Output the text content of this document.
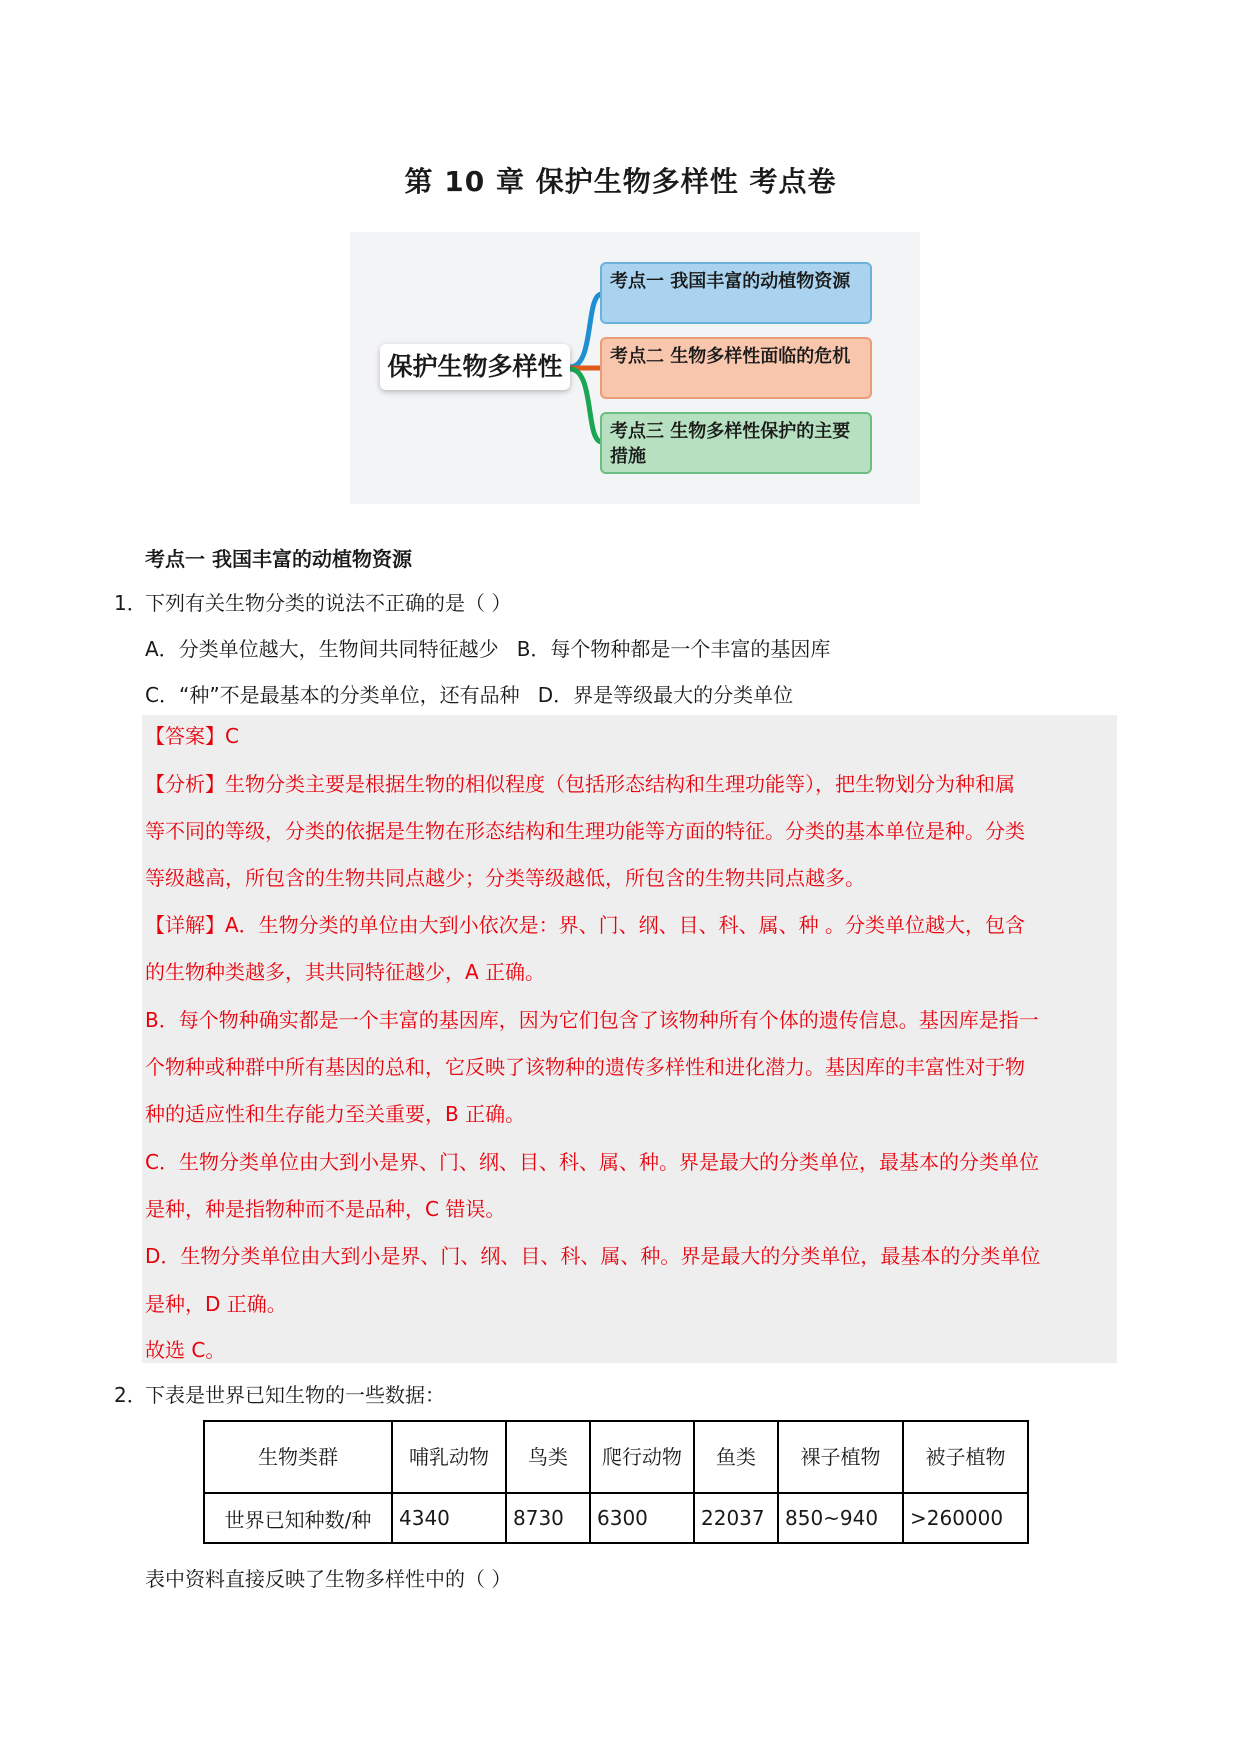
第 10 章 保护生物多样性 考点卷
保护生物多样性
考点一 我国丰富的动植物资源
考点二 生物多样性面临的危机
考点三 生物多样性保护的主要措施
考点一 我国丰富的动植物资源
1．
下列有关生物分类的说法不正确的是（ ）
A．分类单位越大，生物间共同特征越少 B．每个物种都是一个丰富的基因库
C．“种”不是最基本的分类单位，还有品种 D．界是等级最大的分类单位
【答案】C
【分析】生物分类主要是根据生物的相似程度（包括形态结构和生理功能等），把生物划分为种和属
等不同的等级，分类的依据是生物在形态结构和生理功能等方面的特征。分类的基本单位是种。分类
等级越高，所包含的生物共同点越少；分类等级越低，所包含的生物共同点越多。
【详解】A．生物分类的单位由大到小依次是：界、门、纲、目、科、属、种 。分类单位越大，包含
的生物种类越多，其共同特征越少，A 正确。
B．每个物种确实都是一个丰富的基因库，因为它们包含了该物种所有个体的遗传信息。基因库是指一
个物种或种群中所有基因的总和，它反映了该物种的遗传多样性和进化潜力。基因库的丰富性对于物
种的适应性和生存能力至关重要，B 正确。
C．生物分类单位由大到小是界、门、纲、目、科、属、种。界是最大的分类单位，最基本的分类单位
是种，种是指物种而不是品种，C 错误。
D．生物分类单位由大到小是界、门、纲、目、科、属、种。界是最大的分类单位，最基本的分类单位
是种，D 正确。
故选 C。
2．
下表是世界已知生物的一些数据：
生物类群	哺乳动物	鸟类	爬行动物	鱼类	裸子植物	被子植物
世界已知种数/种	4340	8730	6300	22037	850~940	>260000
表中资料直接反映了生物多样性中的（ ）
